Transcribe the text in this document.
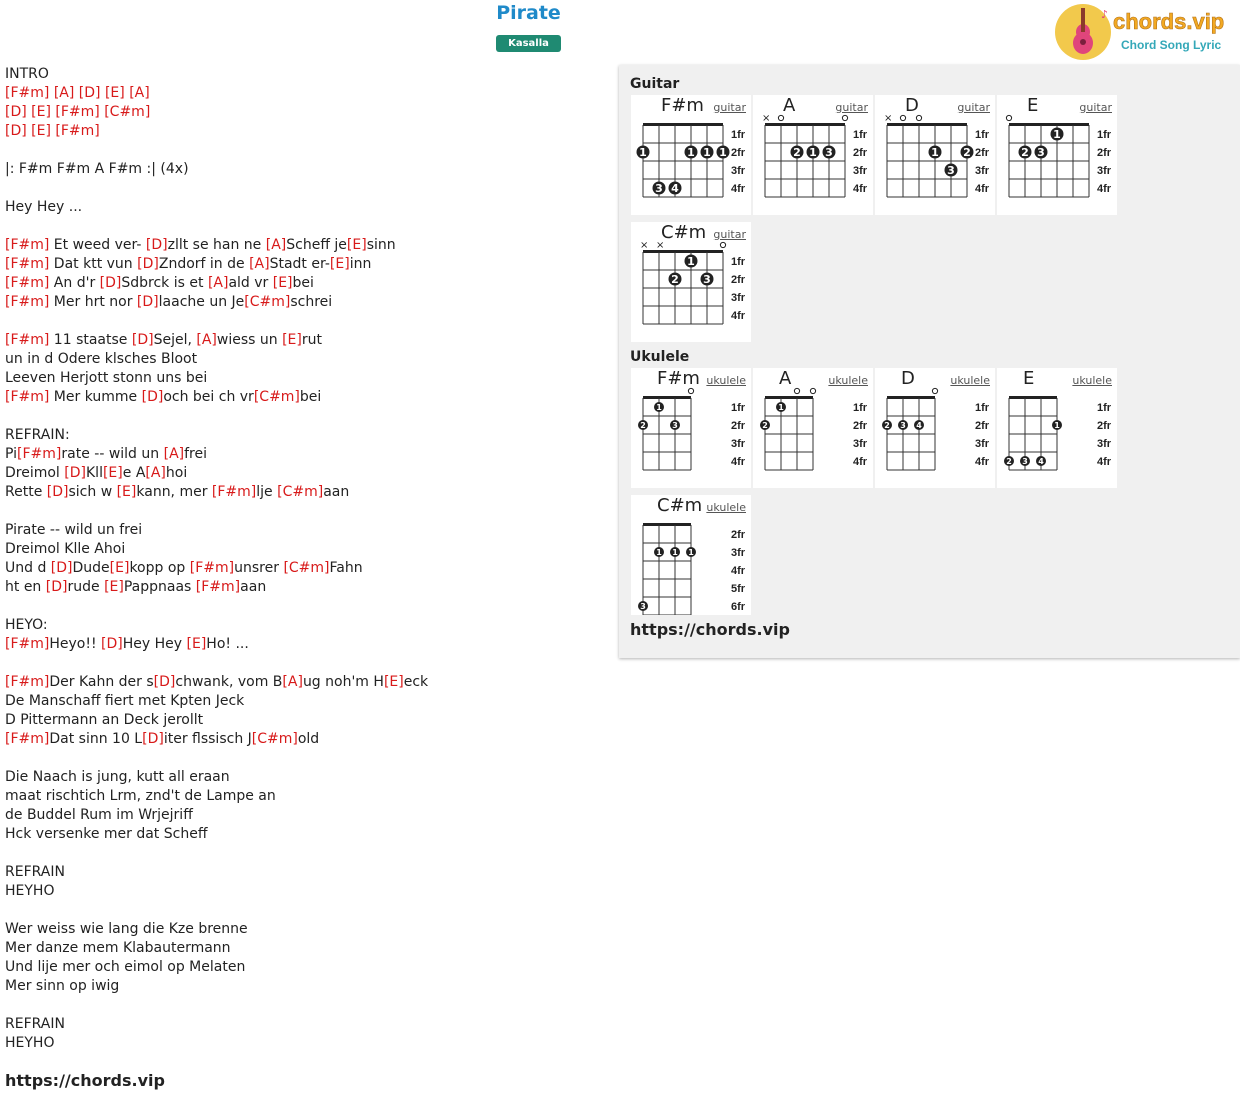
Pirate
Kasalla
♪ chords.vip
Chord Song Lyric
INTRO
[F#m] [A] [D] [E] [A]
[D] [E] [F#m] [C#m]
[D] [E] [F#m]
|: F#m F#m A F#m :| (4x)
Hey Hey ...
[F#m] Et weed ver- [D]zllt se han ne [A]Scheff je[E]sinn
[F#m] Dat ktt vun [D]Zndorf in de [A]Stadt er-[E]inn
[F#m] An d'r [D]Sdbrck is et [A]ald vr [E]bei
[F#m] Mer hrt nor [D]laache un Je[C#m]schrei
[F#m] 11 staatse [D]Sejel, [A]wiess un [E]rut
un in d Odere klsches Bloot
Leeven Herjott stonn uns bei
[F#m] Mer kumme [D]och bei ch vr[C#m]bei
REFRAIN:
Pi[F#m]rate -- wild un [A]frei
Dreimol [D]Kll[E]e A[A]hoi
Rette [D]sich w [E]kann, mer [F#m]lje [C#m]aan
Pirate -- wild un frei
Dreimol Klle Ahoi
Und d [D]Dude[E]kopp op [F#m]unsrer [C#m]Fahn
ht en [D]rude [E]Pappnaas [F#m]aan
HEYO:
[F#m]Heyo!! [D]Hey Hey [E]Ho! ...
[F#m]Der Kahn der s[D]chwank, vom B[A]ug noh'm H[E]eck
De Manschaff fiert met Kpten Jeck
D Pittermann an Deck jerollt
[F#m]Dat sinn 10 L[D]iter flssisch J[C#m]old
Die Naach is jung, kutt all eraan
maat rischtich Lrm, znd't de Lampe an
de Buddel Rum im Wrjejriff
Hck versenke mer dat Scheff
REFRAIN
HEYHO
Wer weiss wie lang die Kze brenne
Mer danze mem Klabautermann
Und lije mer och eimol op Melaten
Mer sinn op iwig
REFRAIN
HEYHO
https://chords.vip
Guitar
Ukulele
1fr
2fr
3fr
4fr
1	1 1 1
3 4
F#m guitar
1fr
2fr
3fr
4fr
×
2 1 3
A	guitar
1fr
2fr
3fr
4fr
×
1 2
3
D	guitar
1fr
2fr
3fr
4fr
1
2 3
E	guitar
1fr
2fr
3fr
4fr
× ×
1
2 3
C#m guitar
1fr
2fr
3fr
4fr
1
2	3
F#m ukulele
1fr
2fr
3fr
4fr
1
2
A	ukulele
1fr
2fr
3fr
4fr
2 3 4
D	ukulele
1fr
2fr
3fr
4fr
1
2 3 4
E	ukulele
2fr
3fr
4fr
5fr
6fr
1 1 1
3
C#m ukulele
https://chords.vip
